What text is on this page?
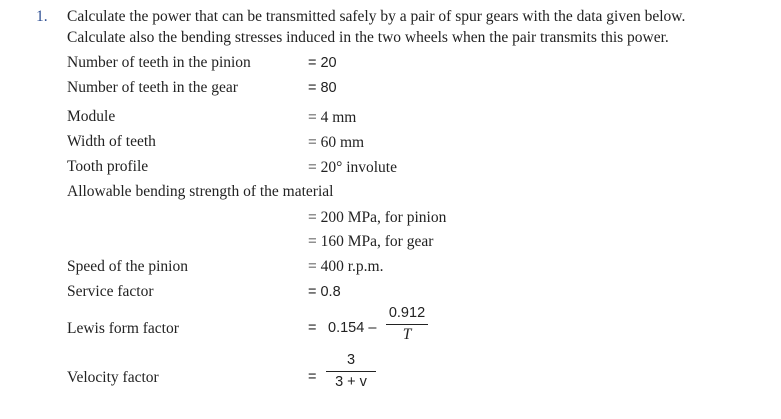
1. Calculate the power that can be transmitted safely by a pair of spur gears with the data given below.
Calculate also the bending stresses induced in the two wheels when the pair transmits this power.
Number of teeth in the pinion	= 20
Number of teeth in the gear	= 80
Module	= 4 mm
Width of teeth	= 60 mm
Tooth profile	= 20° involute
Allowable bending strength of the material
= 200 MPa, for pinion
= 160 MPa, for gear
Speed of the pinion	= 400 r.p.m.
Service factor	= 0.8
Lewis form factor	= 0.154 –
0.912
T
Velocity factor	=
3
3 + v
